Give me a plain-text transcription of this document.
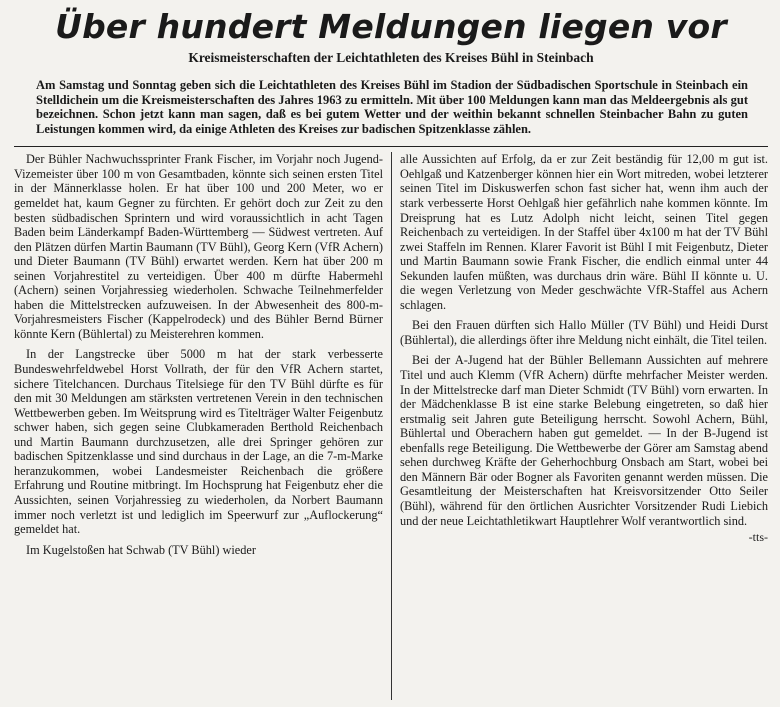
Über hundert Meldungen liegen vor
Kreismeisterschaften der Leichtathleten des Kreises Bühl in Steinbach

Am Samstag und Sonntag geben sich die Leichtathleten des Kreises Bühl im Stadion der Südbadischen Sportschule in Steinbach ein Stelldichein um die Kreismeisterschaften des Jahres 1963 zu ermitteln. Mit über 100 Meldungen kann man das Meldeergebnis als gut bezeichnen. Schon jetzt kann man sagen, daß es bei gutem Wetter und der weithin bekannt schnellen Steinbacher Bahn zu guten Leistungen kommen wird, da einige Athleten des Kreises zur badischen Spitzenklasse zählen.

Der Bühler Nachwuchssprinter Frank Fischer, im Vorjahr noch Jugend-Vizemeister über 100 m von Gesamtbaden, könnte sich seinen ersten Titel in der Männerklasse holen. Er hat über 100 und 200 Meter, wo er gemeldet hat, kaum Gegner zu fürchten. Er gehört doch zur Zeit zu den besten südbadischen Sprintern und wird voraussichtlich in acht Tagen Baden beim Länderkampf Baden-Württemberg — Südwest vertreten. Auf den Plätzen dürfen Martin Baumann (TV Bühl), Georg Kern (VfR Achern) und Dieter Baumann (TV Bühl) erwartet werden. Kern hat über 200 m seinen Vorjahrestitel zu verteidigen. Über 400 m dürfte Habermehl (Achern) seinen Vorjahressieg wiederholen. Schwache Teilnehmerfelder haben die Mittelstrecken aufzuweisen. In der Abwesenheit des 800-m-Vorjahresmeisters Fischer (Kappelrodeck) und des Bühler Bernd Bürner könnte Kern (Bühlertal) zu Meisterehren kommen.

In der Langstrecke über 5000 m hat der stark verbesserte Bundeswehrfeldwebel Horst Vollrath, der für den VfR Achern startet, sichere Titelchancen. Durchaus Titelsiege für den TV Bühl dürfte es für den mit 30 Meldungen am stärksten vertretenen Verein in den technischen Wettbewerben geben. Im Weitsprung wird es Titelträger Walter Feigenbutz schwer haben, sich gegen seine Clubkameraden Berthold Reichenbach und Martin Baumann durchzusetzen, alle drei Springer gehören zur badischen Spitzenklasse und sind durchaus in der Lage, an die 7-m-Marke heranzukommen, wobei Landesmeister Reichenbach die größere Erfahrung und Routine mitbringt. Im Hochsprung hat Feigenbutz eher die Aussichten, seinen Vorjahressieg zu wiederholen, da Norbert Baumann immer noch verletzt ist und lediglich im Speerwurf zur „Auflockerung“ gemeldet hat.

Im Kugelstoßen hat Schwab (TV Bühl) wieder

alle Aussichten auf Erfolg, da er zur Zeit beständig für 12,00 m gut ist. Oehlgaß und Katzenberger können hier ein Wort mitreden, wobei letzterer seinen Titel im Diskuswerfen schon fast sicher hat, wenn ihm auch der stark verbesserte Horst Oehlgaß hier gefährlich nahe kommen könnte. Im Dreisprung hat es Lutz Adolph nicht leicht, seinen Titel gegen Reichenbach zu verteidigen. In der Staffel über 4x100 m hat der TV Bühl zwei Staffeln im Rennen. Klarer Favorit ist Bühl I mit Feigenbutz, Dieter und Martin Baumann sowie Frank Fischer, die endlich einmal unter 44 Sekunden laufen müßten, was durchaus drin wäre. Bühl II könnte u. U. die wegen Verletzung von Meder geschwächte VfR-Staffel aus Achern schlagen.

Bei den Frauen dürften sich Hallo Müller (TV Bühl) und Heidi Durst (Bühlertal), die allerdings öfter ihre Meldung nicht einhält, die Titel teilen.

Bei der A-Jugend hat der Bühler Bellemann Aussichten auf mehrere Titel und auch Klemm (VfR Achern) dürfte mehrfacher Meister werden. In der Mittelstrecke darf man Dieter Schmidt (TV Bühl) vorn erwarten. In der Mädchenklasse B ist eine starke Belebung eingetreten, so daß hier erstmalig seit Jahren gute Beteiligung herrscht. Sowohl Achern, Bühl, Bühlertal und Oberachern haben gut gemeldet. — In der B-Jugend ist ebenfalls rege Beteiligung. Die Wettbewerbe der Görer am Samstag abend sehen durchweg Kräfte der Geherhochburg Onsbach am Start, wobei bei den Männern Bär oder Bogner als Favoriten genannt werden müssen. Die Gesamtleitung der Meisterschaften hat Kreisvorsitzender Otto Seiler (Bühl), während für den örtlichen Ausrichter Vorsitzender Rudi Liebich und der neue Leichtathletikwart Hauptlehrer Wolf verantwortlich sind.

-tts-
